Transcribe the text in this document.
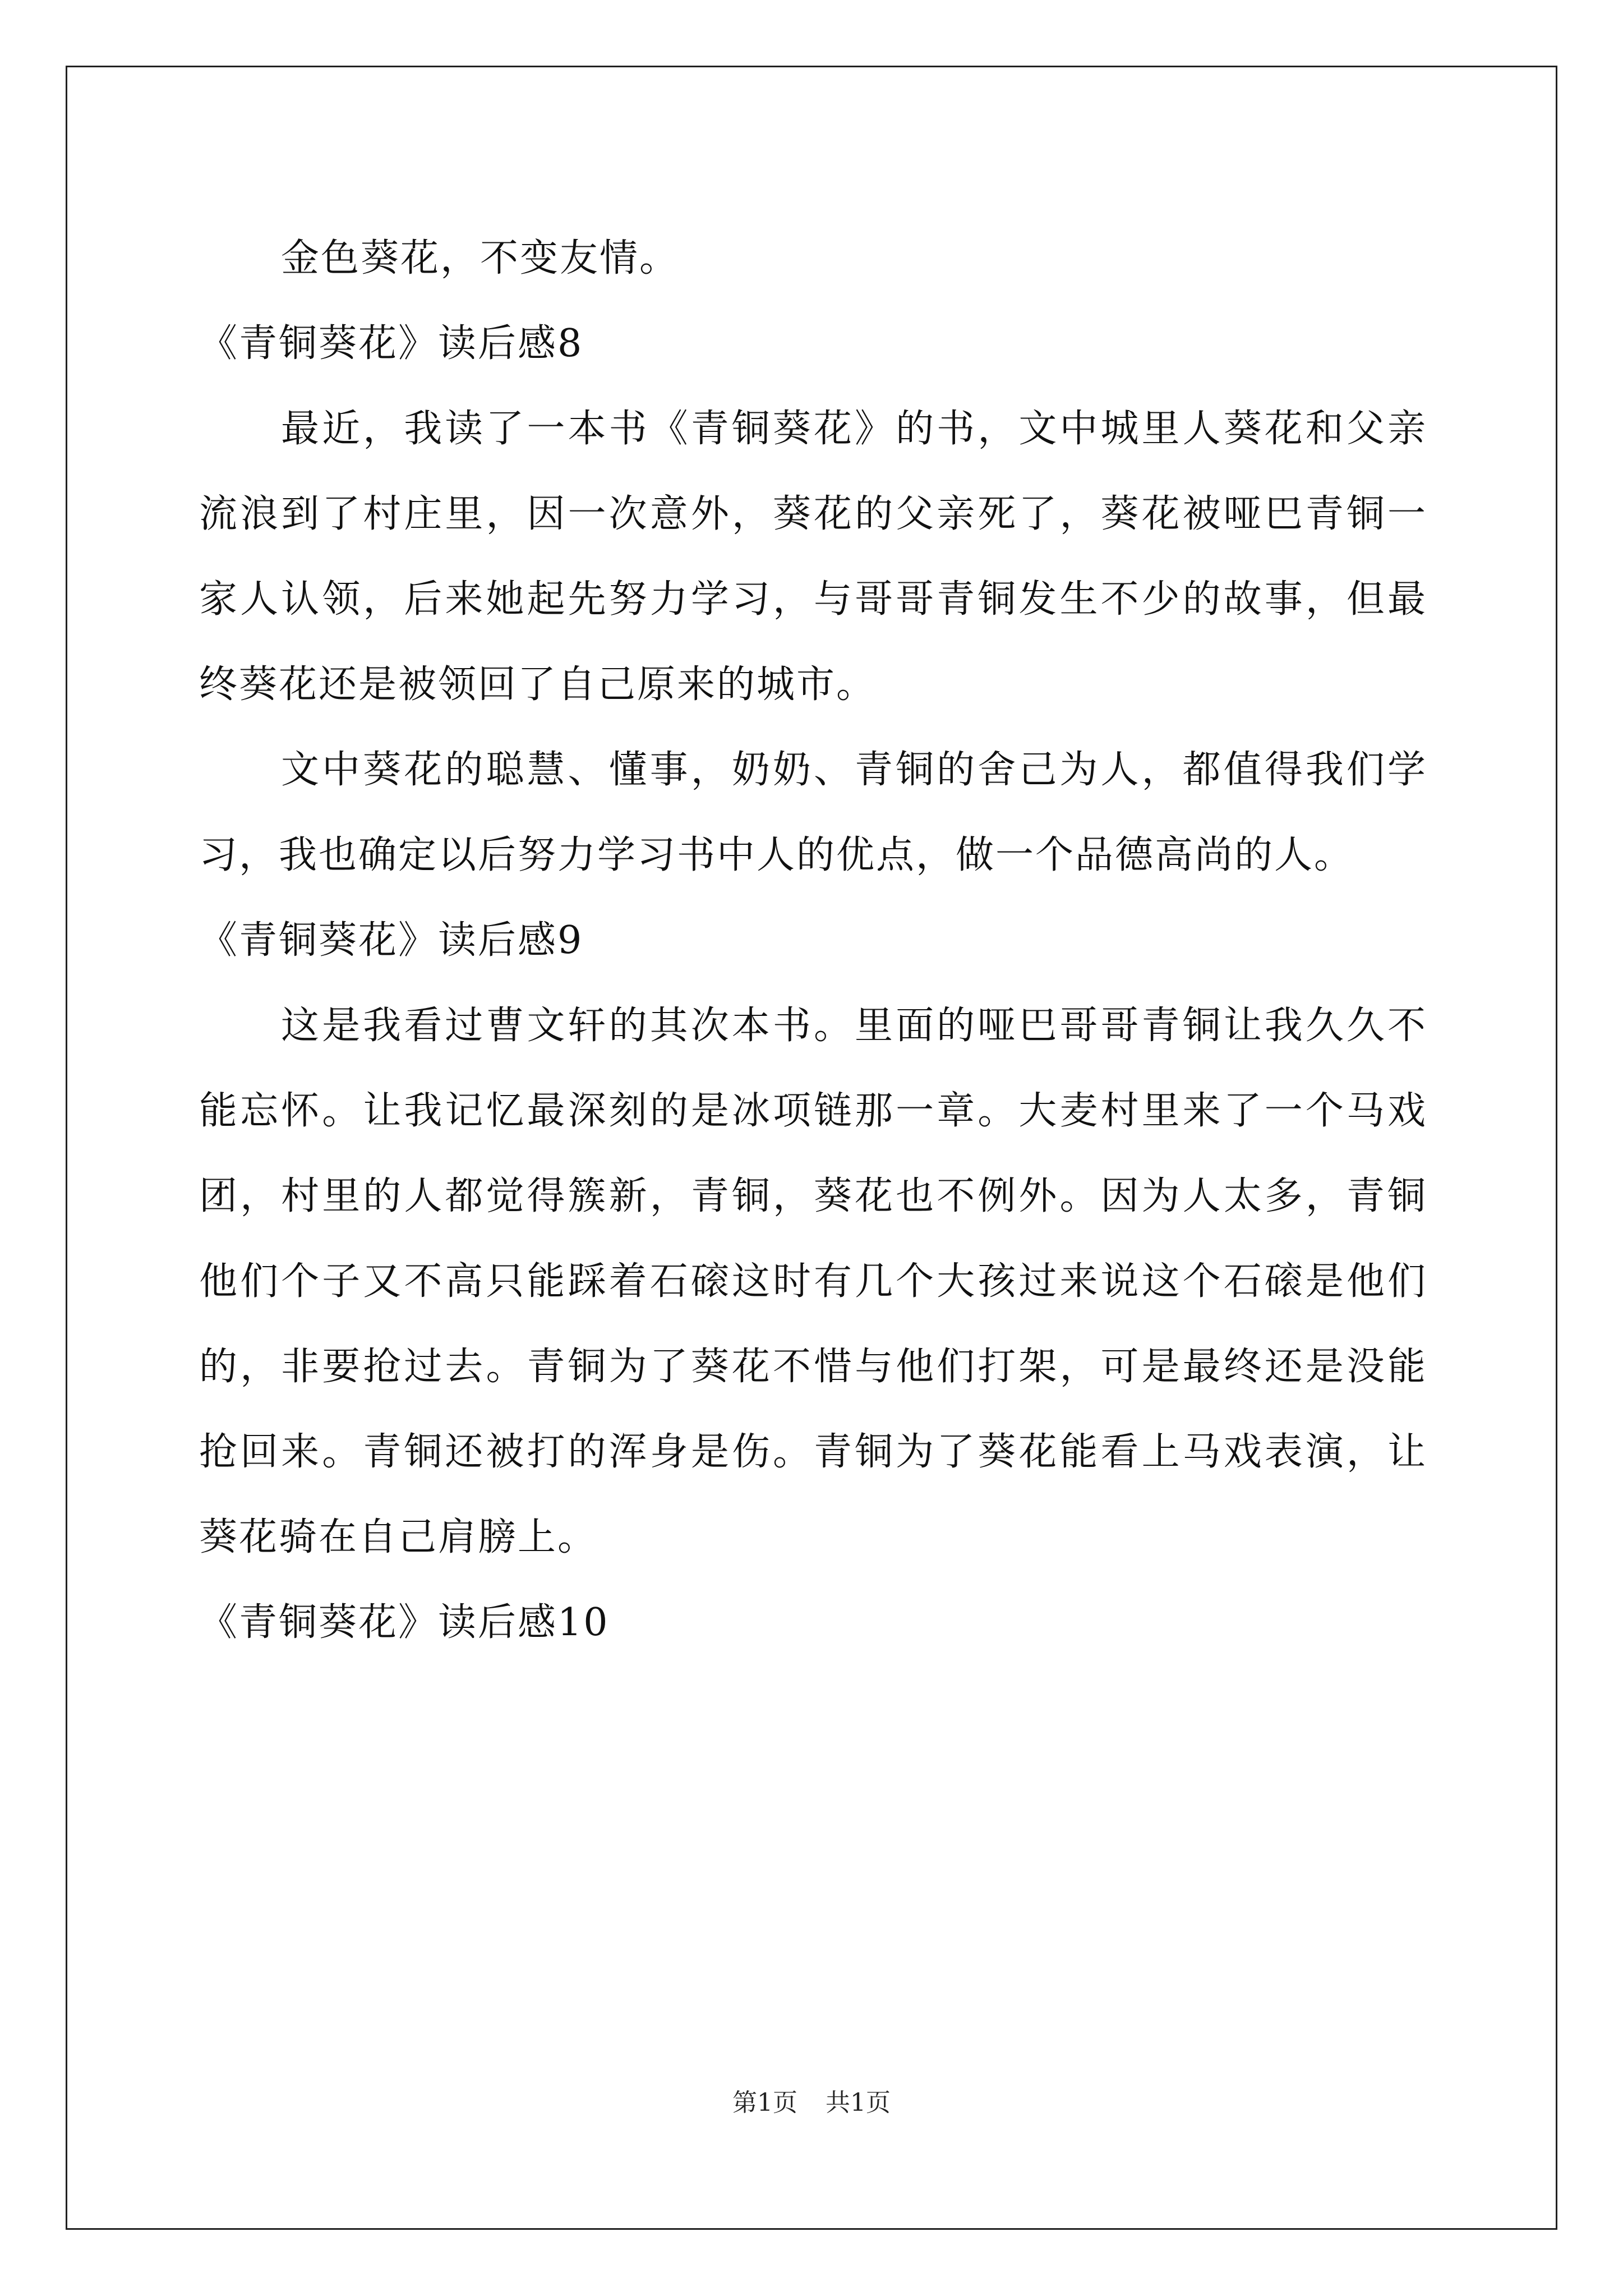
金色葵花，不变友情。

《青铜葵花》读后感8

最近，我读了一本书《青铜葵花》的书，文中城里人葵花和父亲流浪到了村庄里，因一次意外，葵花的父亲死了，葵花被哑巴青铜一家人认领，后来她起先努力学习，与哥哥青铜发生不少的故事，但最终葵花还是被领回了自己原来的城市。

文中葵花的聪慧、懂事，奶奶、青铜的舍己为人，都值得我们学习，我也确定以后努力学习书中人的优点，做一个品德高尚的人。

《青铜葵花》读后感9

这是我看过曹文轩的其次本书。里面的哑巴哥哥青铜让我久久不能忘怀。让我记忆最深刻的是冰项链那一章。大麦村里来了一个马戏团，村里的人都觉得簇新，青铜，葵花也不例外。因为人太多，青铜他们个子又不高只能踩着石磙这时有几个大孩过来说这个石磙是他们的，非要抢过去。青铜为了葵花不惜与他们打架，可是最终还是没能抢回来。青铜还被打的浑身是伤。青铜为了葵花能看上马戏表演，让葵花骑在自己肩膀上。

《青铜葵花》读后感10

第1页 共1页
